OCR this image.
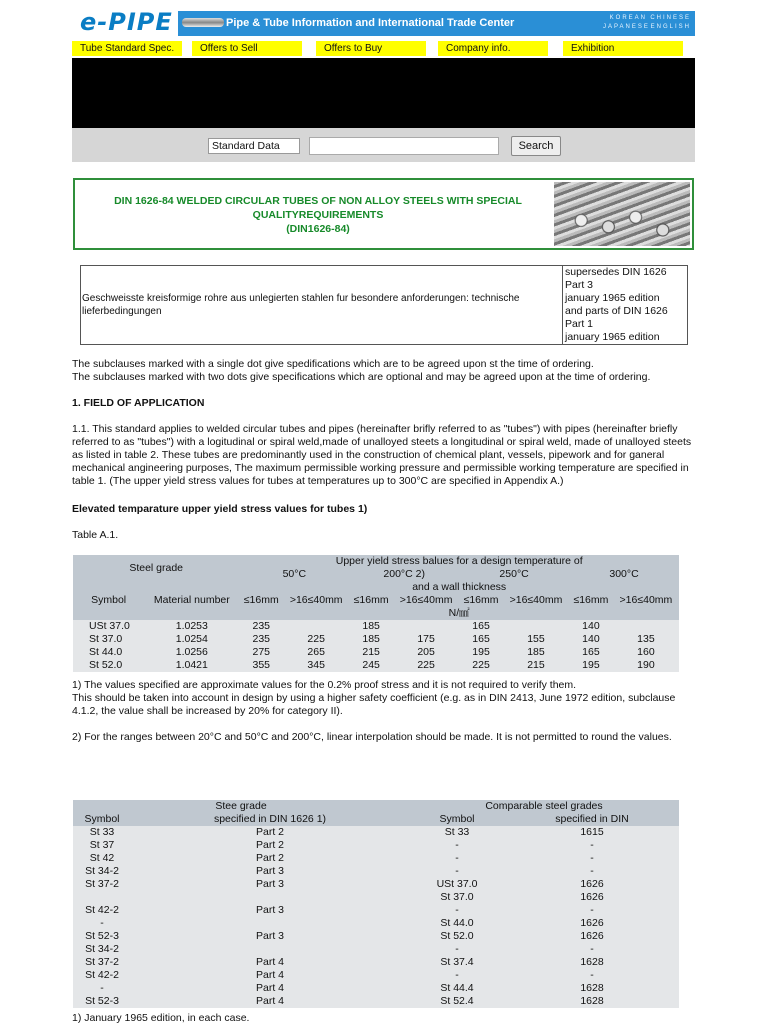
e-PIPE	Pipe & Tube Information and International Trade Center	KOREAN CHINESE
JAPANESEENGLISH
Tube Standard Spec.	Offers to Sell	Offers to Buy	Company info.	Exhibition
Standard Data	Search
DIN 1626-84 WELDED CIRCULAR TUBES OF NON ALLOY STEELS WITH SPECIAL
QUALITYREQUIREMENTS
(DIN1626-84)
Geschweisste kreisformige rohre aus unlegierten stahlen fur besondere anforderungen: technische lieferbedingungen
supersedes DIN 1626
Part 3
january 1965 edition
and parts of DIN 1626
Part 1
january 1965 edition
The subclauses marked with a single dot give spedifications which are to be agreed upon st the time of ordering.
The subclauses marked with two dots give specifications which are optional and may be agreed upon at the time of ordering.
1. FIELD OF APPLICATION
1.1. This standard applies to welded circular tubes and pipes (hereinafter brifly referred to as "tubes") with pipes (hereinafter briefly referred to as "tubes") with a logitudinal or spiral weld,made of unalloyed steets a longitudinal or spiral weld, made of unalloyed steets as listed in table 2. These tubes are predominantly used in the construction of chemical plant, vessels, pipework and for ganeral mechanical angineering purposes, The maximum permissible working pressure and permissible working temperature are specified in table 1. (The upper yield stress values for tubes at temperatures up to 300°C are specified in Appendix A.)
Elevated temparature upper yield stress values for tubes 1)
Table A.1.
Steel grade		Upper yield stress balues for a design temperature of							
		50°C		200°C 2)		250°C		300°C	
Symbol	Material number	and a wall thickness							
		≤16mm	>16≤40mm	≤16mm	>16≤40mm	≤16mm	>16≤40mm	≤16mm	>16≤40mm
		N/㎟							
USt 37.0	1.0253	235		185		165		140	
St 37.0	1.0254	235	225	185	175	165	155	140	135
St 44.0	1.0256	275	265	215	205	195	185	165	160
St 52.0	1.0421	355	345	245	225	225	215	195	190
1) The values specified are approximate values for the 0.2% proof stress and it is not required to verify them.
This should be taken into account in design by using a higher safety coefficient (e.g. as in DIN 2413, June 1972 edition, subclause 4.1.2, the value shall be increased by 20% for category II).
2) For the ranges between 20°C and 50°C and 200°C, linear interpolation should be made. It is not permitted to round the values.
Stee grade		Comparable steel grades	
Symbol	specified in DIN 1626 1)	Symbol	specified in DIN
St 33	Part 2	St 33	1615
St 37	Part 2	-	-
St 42	Part 2	-	-
St 34-2	Part 3	-	-
St 37-2	Part 3	USt 37.0	1626
		St 37.0	1626
St 42-2	Part 3	-	-
-		St 44.0	1626
St 52-3	Part 3	St 52.0	1626
St 34-2		-	-
St 37-2	Part 4	St 37.4	1628
St 42-2	Part 4	-	-
-	Part 4	St 44.4	1628
St 52-3	Part 4	St 52.4	1628
1) January 1965 edition, in each case.
